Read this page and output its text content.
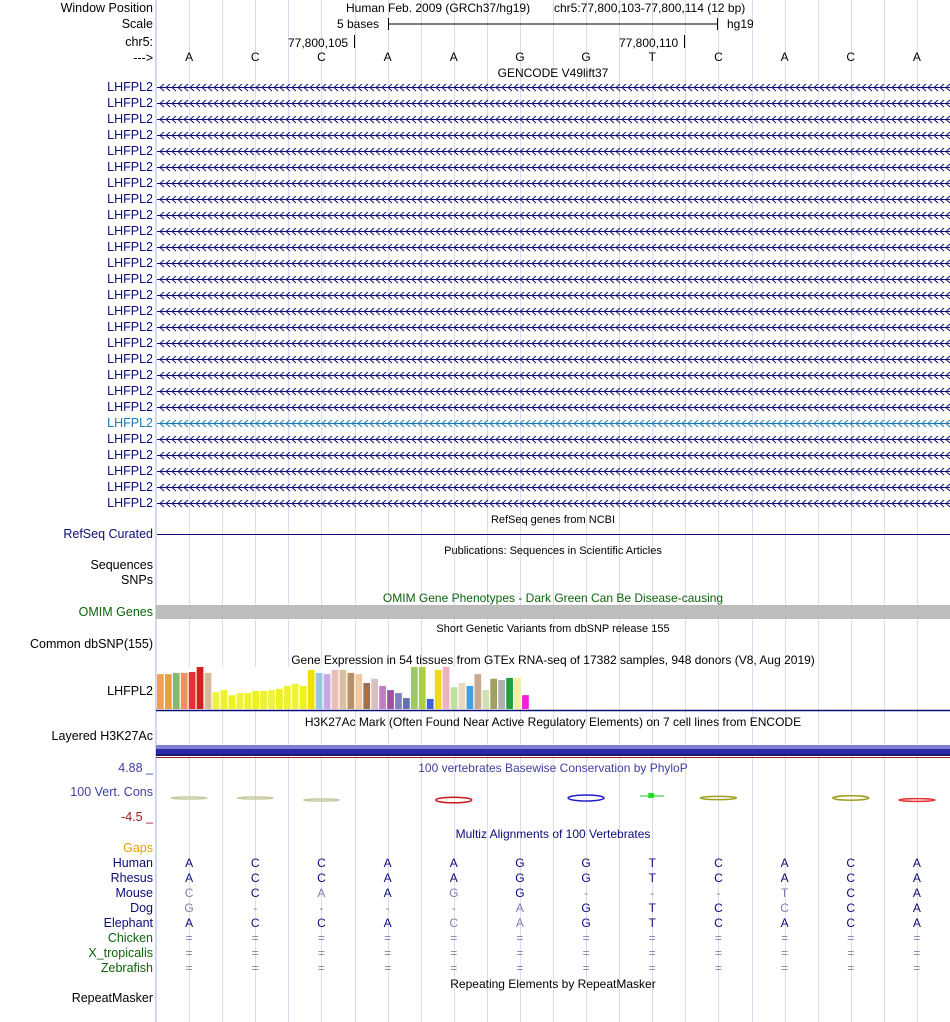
Window Position
Scale
chr5:
--->
Human Feb. 2009 (GRCh37/hg19) chr5:77,800,103-77,800,114 (12 bp)
5 bases	hg19
77,800,105	77,800,110
A	C	C	A	A	G	G	T	C	A	C	A
GENCODE V49lift37
LHFPL2
LHFPL2
LHFPL2
LHFPL2
LHFPL2
LHFPL2
LHFPL2
LHFPL2
LHFPL2
LHFPL2
LHFPL2
LHFPL2
LHFPL2
LHFPL2
LHFPL2
LHFPL2
LHFPL2
LHFPL2
LHFPL2
LHFPL2
LHFPL2
LHFPL2
LHFPL2
LHFPL2
LHFPL2
LHFPL2
LHFPL2
RefSeq genes from NCBI
RefSeq Curated
Publications: Sequences in Scientific Articles
Sequences
SNPs
OMIM Gene Phenotypes - Dark Green Can Be Disease-causing
OMIM Genes
Short Genetic Variants from dbSNP release 155
Common dbSNP(155)
Gene Expression in 54 tissues from GTEx RNA-seq of 17382 samples, 948 donors (V8, Aug 2019)
LHFPL2
H3K27Ac Mark (Often Found Near Active Regulatory Elements) on 7 cell lines from ENCODE
Layered H3K27Ac
100 vertebrates Basewise Conservation by PhyloP
4.88 _
100 Vert. Cons
-4.5 _
Multiz Alignments of 100 Vertebrates
Gaps
Human	A	C	C	A	A	G	G	T	C	A	C	A
Rhesus	A	C	C	A	A	G	G	T	C	A	C	A
Mouse	C	C	A	A	G	G	-	-	-	T	C	A
Dog	G	-	-	-	-	A	G	T	C	C	C	A
Elephant	A	C	C	A	C	A	G	T	C	A	C	A
Chicken	=	=	=	=	=	=	=	=	=	=	=	=
X_tropicalis	=	=	=	=	=	=	=	=	=	=	=	=
Zebrafish	=	=	=	=	=	=	=	=	=	=	=	=
Repeating Elements by RepeatMasker
RepeatMasker
